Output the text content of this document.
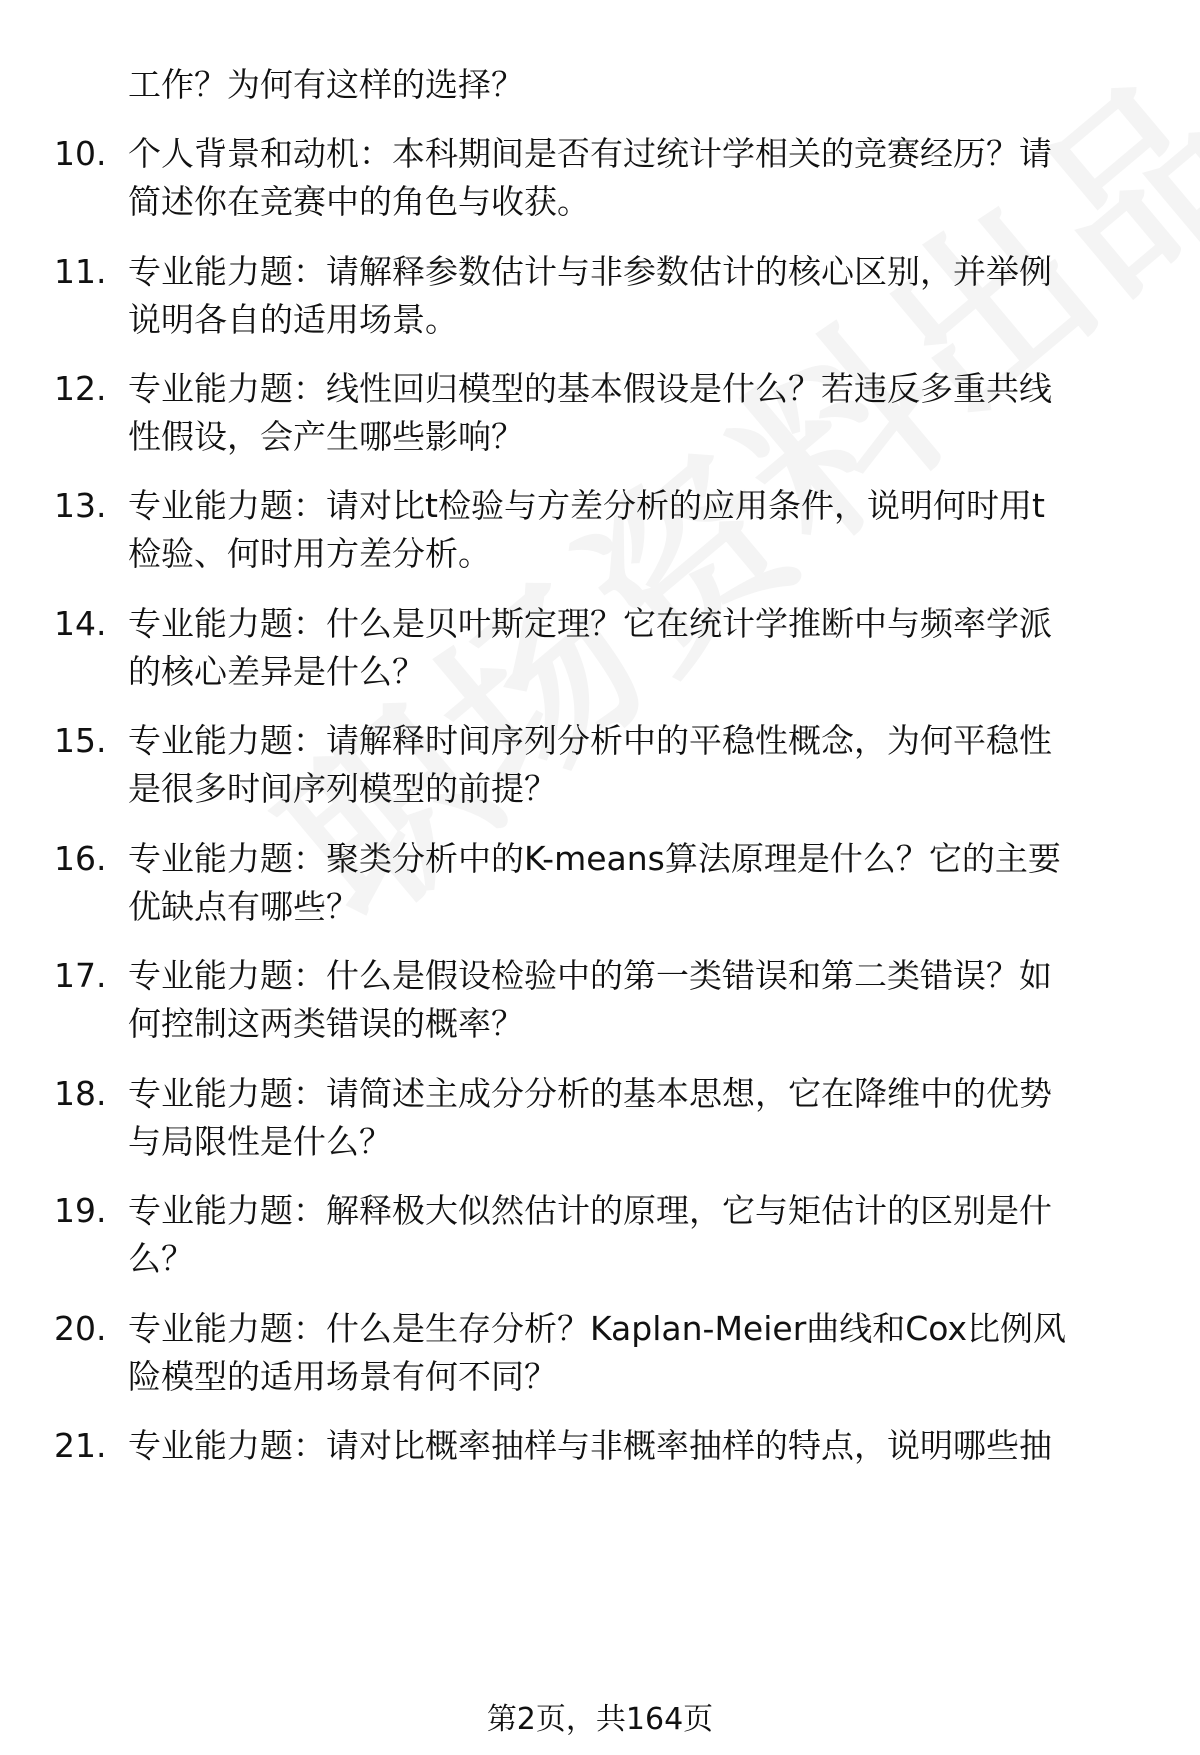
工作？为何有这样的选择？
10. 个人背景和动机：本科期间是否有过统计学相关的竞赛经历？请
简述你在竞赛中的角色与收获。
11. 专业能力题：请解释参数估计与非参数估计的核心区别，并举例
说明各自的适用场景。
12. 专业能力题：线性回归模型的基本假设是什么？若违反多重共线
性假设，会产生哪些影响？
13. 专业能力题：请对比t检验与方差分析的应用条件，说明何时用t
检验、何时用方差分析。
14. 专业能力题：什么是贝叶斯定理？它在统计学推断中与频率学派
的核心差异是什么？
15. 专业能力题：请解释时间序列分析中的平稳性概念，为何平稳性
是很多时间序列模型的前提？
16. 专业能力题：聚类分析中的K-means算法原理是什么？它的主要
优缺点有哪些？
17. 专业能力题：什么是假设检验中的第一类错误和第二类错误？如
何控制这两类错误的概率？
18. 专业能力题：请简述主成分分析的基本思想，它在降维中的优势
与局限性是什么？
19. 专业能力题：解释极大似然估计的原理，它与矩估计的区别是什
么？
20. 专业能力题：什么是生存分析？Kaplan-Meier曲线和Cox比例风
险模型的适用场景有何不同？
21. 专业能力题：请对比概率抽样与非概率抽样的特点，说明哪些抽
第2页，共164页
